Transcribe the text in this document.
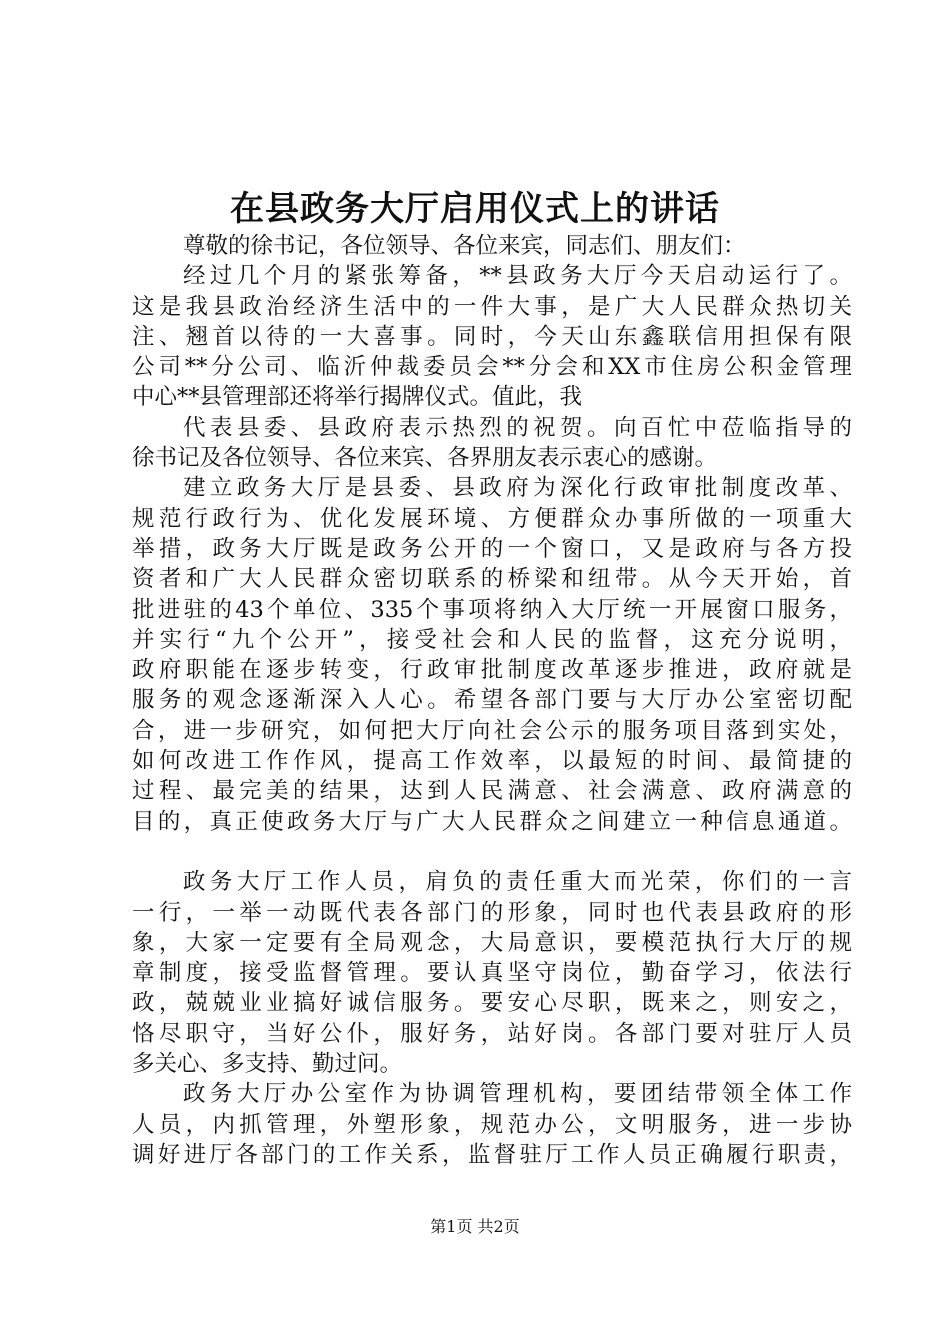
在县政务大厅启用仪式上的讲话
尊敬的徐书记，各位领导、各位来宾，同志们、朋友们：
经过几个月的紧张筹备，**县政务大厅今天启动运行了。
这是我县政治经济生活中的一件大事，是广大人民群众热切关
注、翘首以待的一大喜事。同时，今天山东鑫联信用担保有限
公司**分公司、临沂仲裁委员会**分会和XX市住房公积金管理
中心**县管理部还将举行揭牌仪式。值此，我
代表县委、县政府表示热烈的祝贺。向百忙中莅临指导的
徐书记及各位领导、各位来宾、各界朋友表示衷心的感谢。
建立政务大厅是县委、县政府为深化行政审批制度改革、
规范行政行为、优化发展环境、方便群众办事所做的一项重大
举措，政务大厅既是政务公开的一个窗口，又是政府与各方投
资者和广大人民群众密切联系的桥梁和纽带。从今天开始，首
批进驻的43个单位、335个事项将纳入大厅统一开展窗口服务，
并实行“九个公开”，接受社会和人民的监督，这充分说明，
政府职能在逐步转变，行政审批制度改革逐步推进，政府就是
服务的观念逐渐深入人心。希望各部门要与大厅办公室密切配
合，进一步研究，如何把大厅向社会公示的服务项目落到实处，
如何改进工作作风，提高工作效率，以最短的时间、最简捷的
过程、最完美的结果，达到人民满意、社会满意、政府满意的
目的，真正使政务大厅与广大人民群众之间建立一种信息通道。
政务大厅工作人员，肩负的责任重大而光荣，你们的一言
一行，一举一动既代表各部门的形象，同时也代表县政府的形
象，大家一定要有全局观念，大局意识，要模范执行大厅的规
章制度，接受监督管理。要认真坚守岗位，勤奋学习，依法行
政，兢兢业业搞好诚信服务。要安心尽职，既来之，则安之，
恪尽职守，当好公仆，服好务，站好岗。各部门要对驻厅人员
多关心、多支持、勤过问。
政务大厅办公室作为协调管理机构，要团结带领全体工作
人员，内抓管理，外塑形象，规范办公，文明服务，进一步协
调好进厅各部门的工作关系，监督驻厅工作人员正确履行职责，
第1页 共2页
